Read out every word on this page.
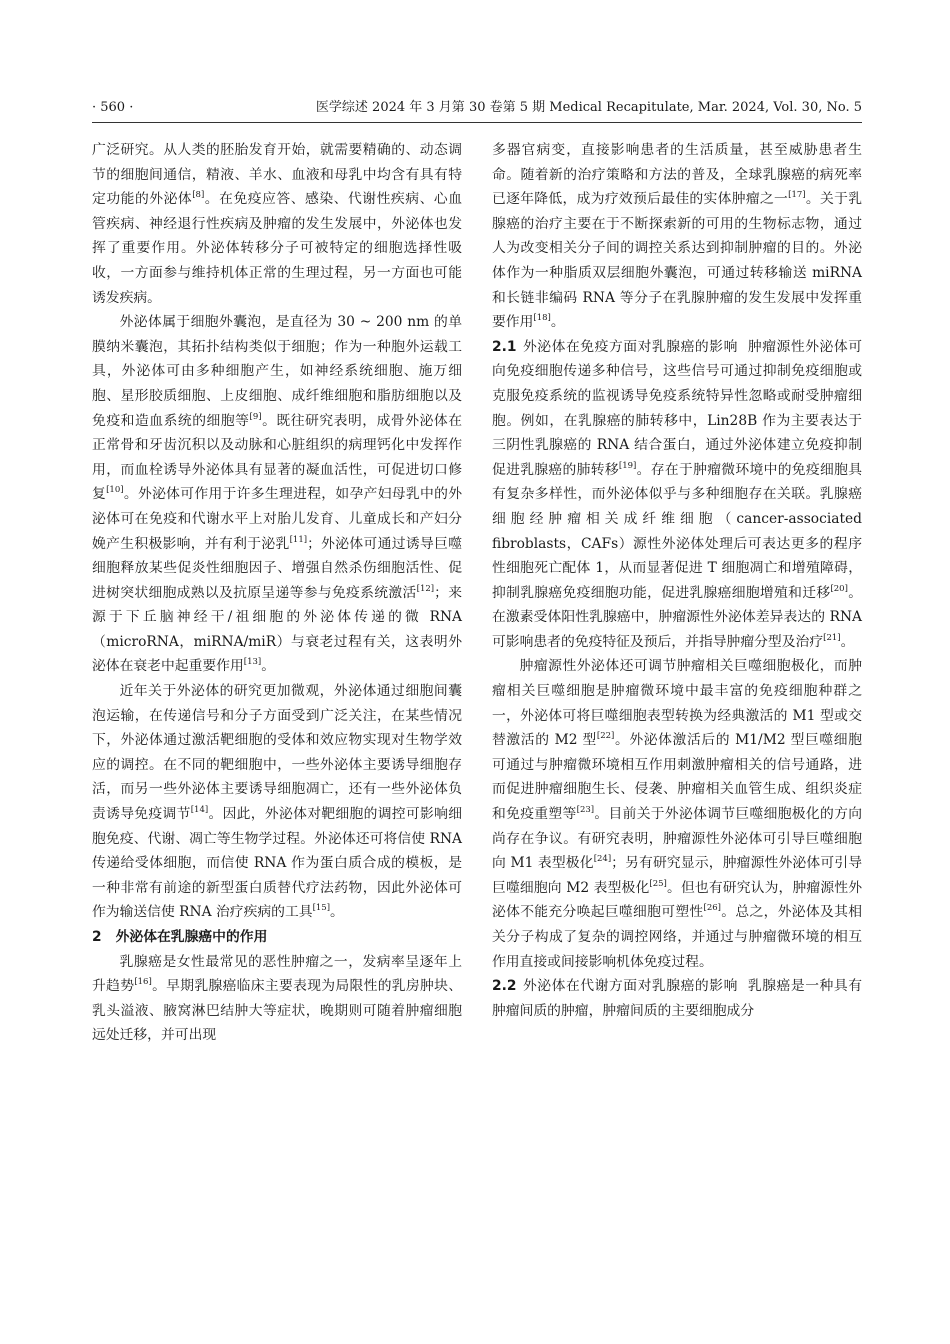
· 560 ·	医学综述 2024 年 3 月第 30 卷第 5 期 Medical Recapitulate, Mar. 2024, Vol. 30, No. 5

广泛研究。从人类的胚胎发育开始，就需要精确的、动态调节的细胞间通信，精液、羊水、血液和母乳中均含有具有特定功能的外泌体[8]。在免疫应答、感染、代谢性疾病、心血管疾病、神经退行性疾病及肿瘤的发生发展中，外泌体也发挥了重要作用。外泌体转移分子可被特定的细胞选择性吸收，一方面参与维持机体正常的生理过程，另一方面也可能诱发疾病。

外泌体属于细胞外囊泡，是直径为 30 ~ 200 nm 的单膜纳米囊泡，其拓扑结构类似于细胞；作为一种胞外运载工具，外泌体可由多种细胞产生，如神经系统细胞、施万细胞、星形胶质细胞、上皮细胞、成纤维细胞和脂肪细胞以及免疫和造血系统的细胞等[9]。既往研究表明，成骨外泌体在正常骨和牙齿沉积以及动脉和心脏组织的病理钙化中发挥作用，而血栓诱导外泌体具有显著的凝血活性，可促进切口修复[10]。外泌体可作用于许多生理进程，如孕产妇母乳中的外泌体可在免疫和代谢水平上对胎儿发育、儿童成长和产妇分娩产生积极影响，并有利于泌乳[11]；外泌体可通过诱导巨噬细胞释放某些促炎性细胞因子、增强自然杀伤细胞活性、促进树突状细胞成熟以及抗原呈递等参与免疫系统激活[12]；来源于下丘脑神经干/祖细胞的外泌体传递的微 RNA（microRNA，miRNA/miR）与衰老过程有关，这表明外泌体在衰老中起重要作用[13]。

近年关于外泌体的研究更加微观，外泌体通过细胞间囊泡运输，在传递信号和分子方面受到广泛关注，在某些情况下，外泌体通过激活靶细胞的受体和效应物实现对生物学效应的调控。在不同的靶细胞中，一些外泌体主要诱导细胞存活，而另一些外泌体主要诱导细胞凋亡，还有一些外泌体负责诱导免疫调节[14]。因此，外泌体对靶细胞的调控可影响细胞免疫、代谢、凋亡等生物学过程。外泌体还可将信使 RNA 传递给受体细胞，而信使 RNA 作为蛋白质合成的模板，是一种非常有前途的新型蛋白质替代疗法药物，因此外泌体可作为输送信使 RNA 治疗疾病的工具[15]。

2 外泌体在乳腺癌中的作用

乳腺癌是女性最常见的恶性肿瘤之一，发病率呈逐年上升趋势[16]。早期乳腺癌临床主要表现为局限性的乳房肿块、乳头溢液、腋窝淋巴结肿大等症状，晚期则可随着肿瘤细胞远处迁移，并可出现

多器官病变，直接影响患者的生活质量，甚至威胁患者生命。随着新的治疗策略和方法的普及，全球乳腺癌的病死率已逐年降低，成为疗效预后最佳的实体肿瘤之一[17]。关于乳腺癌的治疗主要在于不断探索新的可用的生物标志物，通过人为改变相关分子间的调控关系达到抑制肿瘤的目的。外泌体作为一种脂质双层细胞外囊泡，可通过转移输送 miRNA 和长链非编码 RNA 等分子在乳腺肿瘤的发生发展中发挥重要作用[18]。

2.1 外泌体在免疫方面对乳腺癌的影响 肿瘤源性外泌体可向免疫细胞传递多种信号，这些信号可通过抑制免疫细胞或克服免疫系统的监视诱导免疫系统特异性忽略或耐受肿瘤细胞。例如，在乳腺癌的肺转移中，Lin28B 作为主要表达于三阴性乳腺癌的 RNA 结合蛋白，通过外泌体建立免疫抑制促进乳腺癌的肺转移[19]。存在于肿瘤微环境中的免疫细胞具有复杂多样性，而外泌体似乎与多种细胞存在关联。乳腺癌细胞经肿瘤相关成纤维细胞（cancer-associated fibroblasts，CAFs）源性外泌体处理后可表达更多的程序性细胞死亡配体 1，从而显著促进 T 细胞凋亡和增殖障碍，抑制乳腺癌免疫细胞功能，促进乳腺癌细胞增殖和迁移[20]。在激素受体阳性乳腺癌中，肿瘤源性外泌体差异表达的 RNA 可影响患者的免疫特征及预后，并指导肿瘤分型及治疗[21]。

肿瘤源性外泌体还可调节肿瘤相关巨噬细胞极化，而肿瘤相关巨噬细胞是肿瘤微环境中最丰富的免疫细胞种群之一，外泌体可将巨噬细胞表型转换为经典激活的 M1 型或交替激活的 M2 型[22]。外泌体激活后的 M1/M2 型巨噬细胞可通过与肿瘤微环境相互作用刺激肿瘤相关的信号通路，进而促进肿瘤细胞生长、侵袭、肿瘤相关血管生成、组织炎症和免疫重塑等[23]。目前关于外泌体调节巨噬细胞极化的方向尚存在争议。有研究表明，肿瘤源性外泌体可引导巨噬细胞向 M1 表型极化[24]；另有研究显示，肿瘤源性外泌体可引导巨噬细胞向 M2 表型极化[25]。但也有研究认为，肿瘤源性外泌体不能充分唤起巨噬细胞可塑性[26]。总之，外泌体及其相关分子构成了复杂的调控网络，并通过与肿瘤微环境的相互作用直接或间接影响机体免疫过程。

2.2 外泌体在代谢方面对乳腺癌的影响 乳腺癌是一种具有肿瘤间质的肿瘤，肿瘤间质的主要细胞成分
